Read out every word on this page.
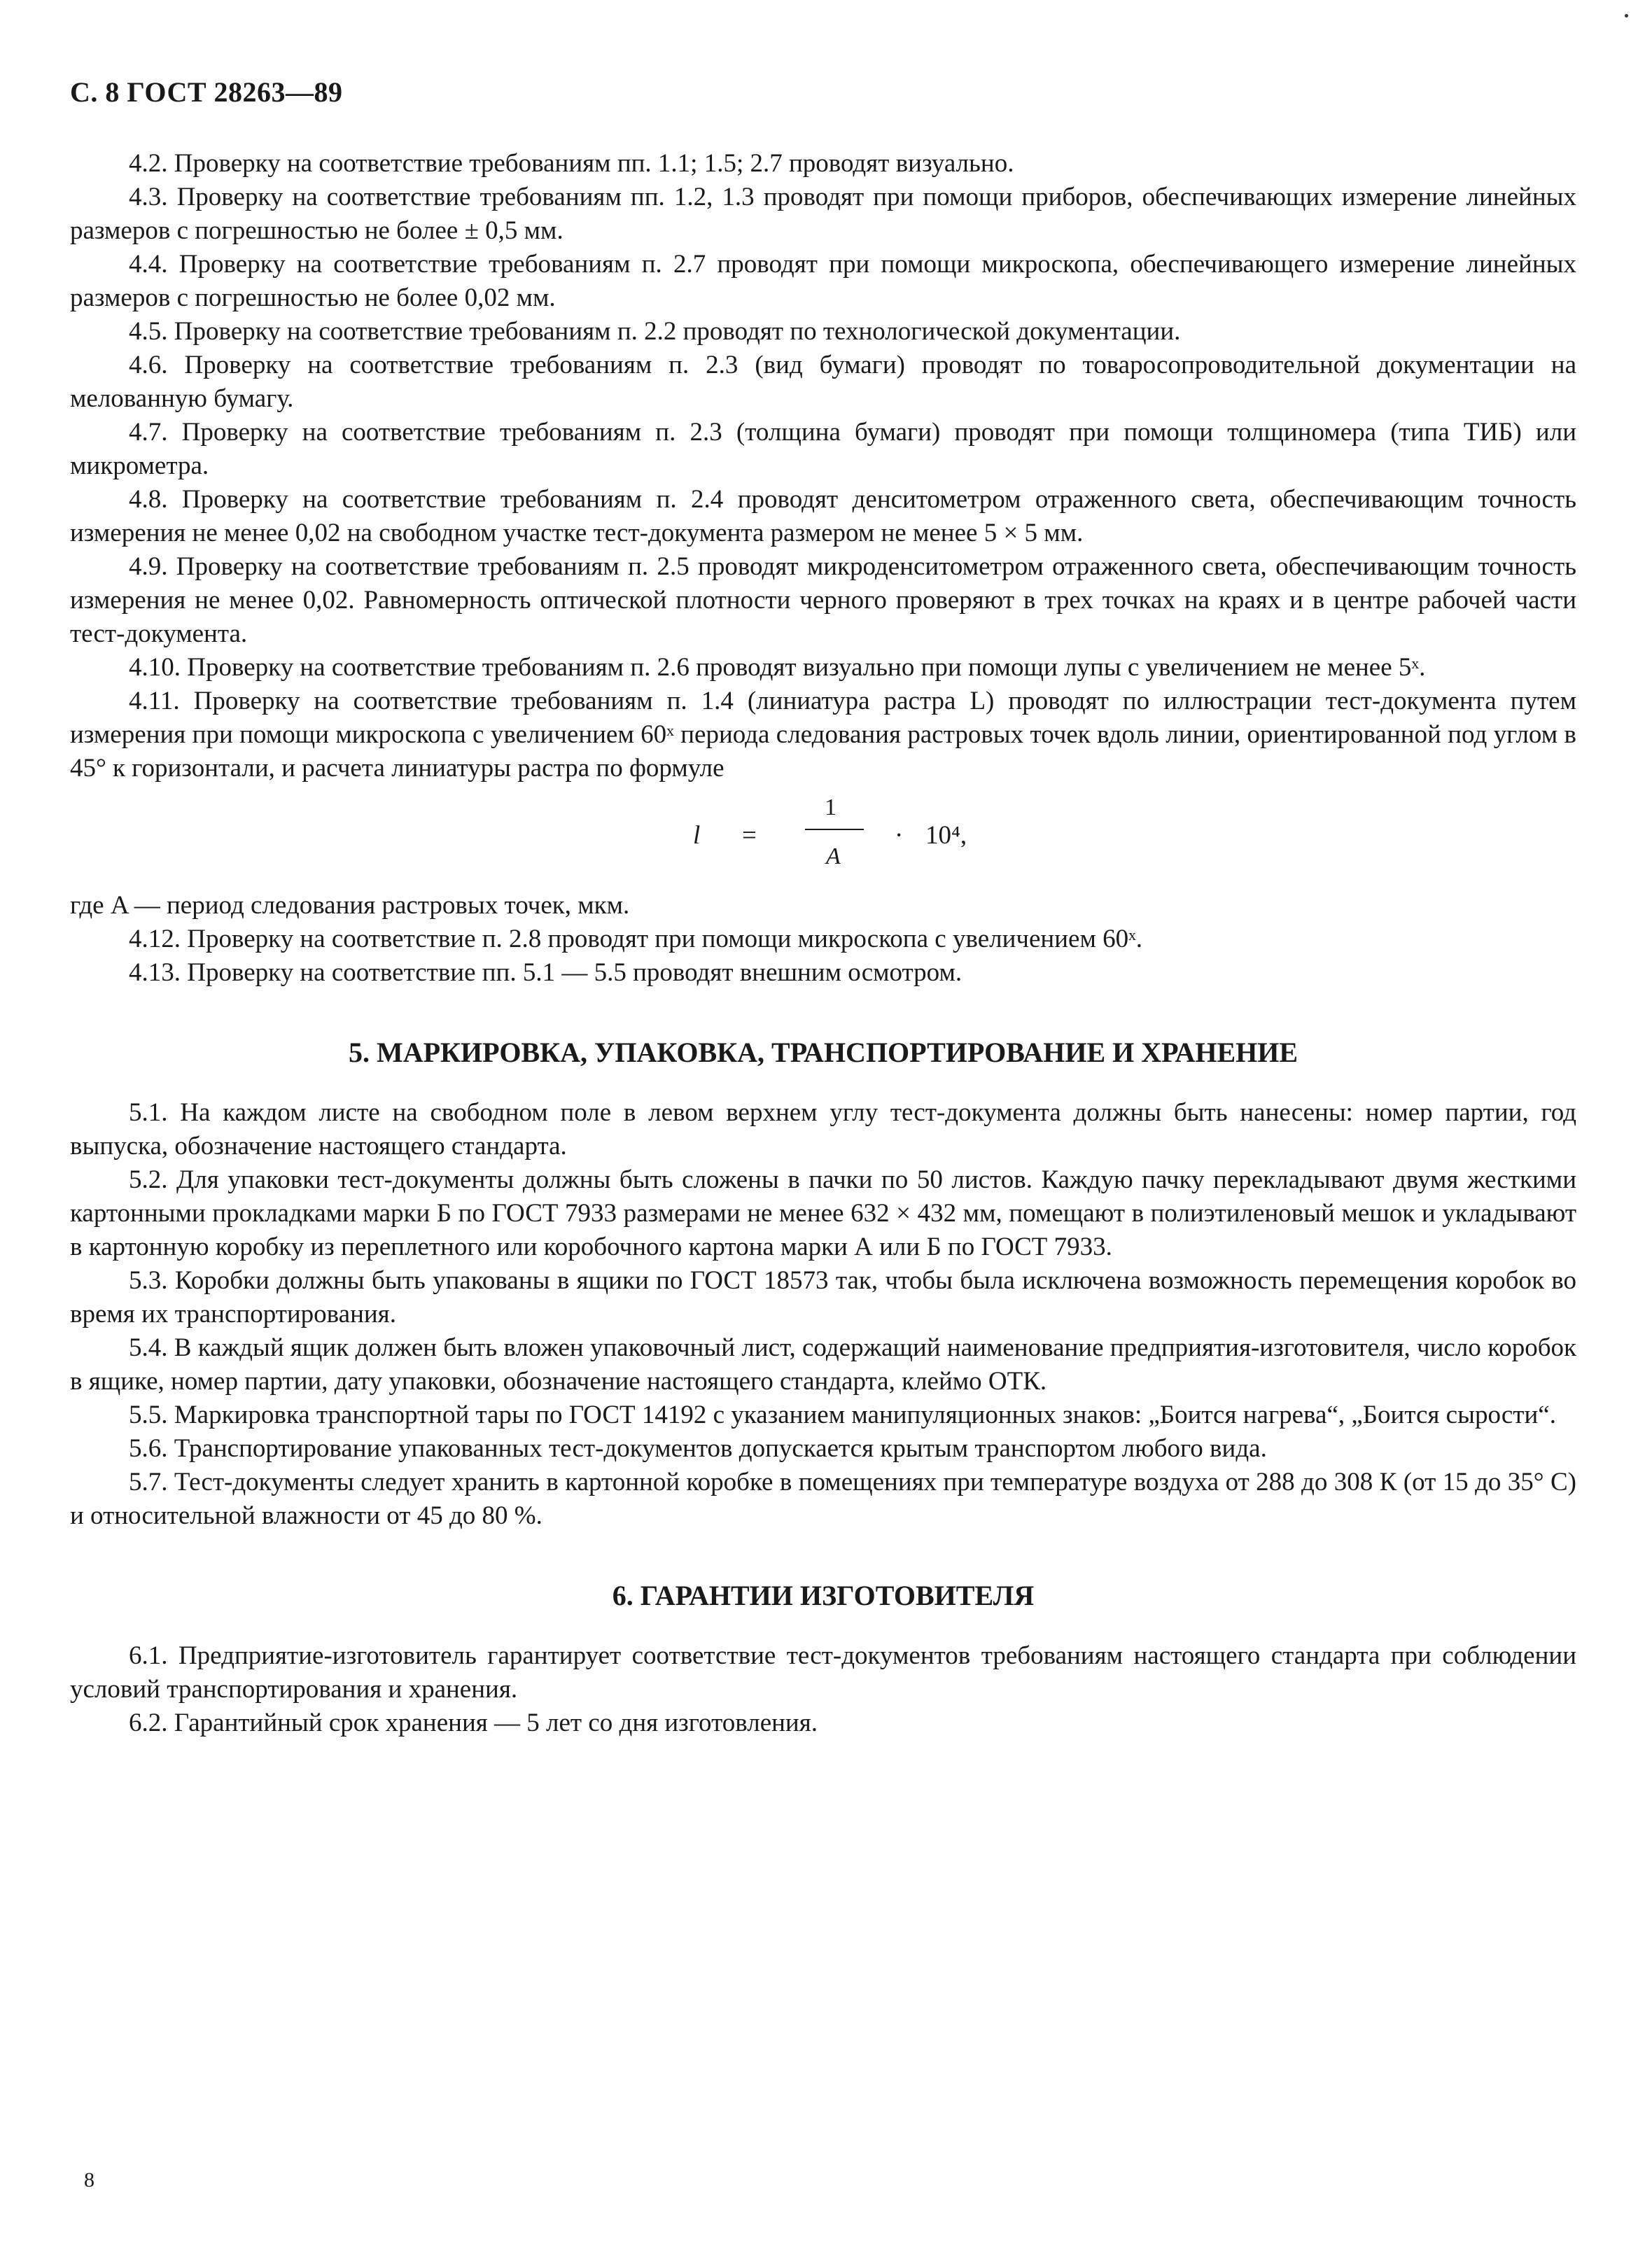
С. 8 ГОСТ 28263—89

4.2. Проверку на соответствие требованиям пп. 1.1; 1.5; 2.7 проводят визуально.

4.3. Проверку на соответствие требованиям пп. 1.2, 1.3 проводят при помощи приборов, обеспечивающих измерение линейных размеров с погрешностью не более ± 0,5 мм.

4.4. Проверку на соответствие требованиям п. 2.7 проводят при помощи микроскопа, обеспечивающего измерение линейных размеров с погрешностью не более 0,02 мм.

4.5. Проверку на соответствие требованиям п. 2.2 проводят по технологической документации.

4.6. Проверку на соответствие требованиям п. 2.3 (вид бумаги) проводят по товаросопроводительной документации на мелованную бумагу.

4.7. Проверку на соответствие требованиям п. 2.3 (толщина бумаги) проводят при помощи толщиномера (типа ТИБ) или микрометра.

4.8. Проверку на соответствие требованиям п. 2.4 проводят денситометром отраженного света, обеспечивающим точность измерения не менее 0,02 на свободном участке тест-документа размером не менее 5 × 5 мм.

4.9. Проверку на соответствие требованиям п. 2.5 проводят микроденситометром отраженного света, обеспечивающим точность измерения не менее 0,02. Равномерность оптической плотности черного проверяют в трех точках на краях и в центре рабочей части тест-документа.

4.10. Проверку на соответствие требованиям п. 2.6 проводят визуально при помощи лупы с увеличением не менее 5ˣ.

4.11. Проверку на соответствие требованиям п. 1.4 (линиатура растра L) проводят по иллюстрации тест-документа путем измерения при помощи микроскопа с увеличением 60ˣ периода следования растровых точек вдоль линии, ориентированной под углом в 45° к горизонтали, и расчета линиатуры растра по формуле

l =
1
A
· 10⁴,

где A — период следования растровых точек, мкм.

4.12. Проверку на соответствие п. 2.8 проводят при помощи микроскопа с увеличением 60ˣ.

4.13. Проверку на соответствие пп. 5.1 — 5.5 проводят внешним осмотром.

5. МАРКИРОВКА, УПАКОВКА, ТРАНСПОРТИРОВАНИЕ И ХРАНЕНИЕ

5.1. На каждом листе на свободном поле в левом верхнем углу тест-документа должны быть нанесены: номер партии, год выпуска, обозначение настоящего стандарта.

5.2. Для упаковки тест-документы должны быть сложены в пачки по 50 листов. Каждую пачку перекладывают двумя жесткими картонными прокладками марки Б по ГОСТ 7933 размерами не менее 632 × 432 мм, помещают в полиэтиленовый мешок и укладывают в картонную коробку из переплетного или коробочного картона марки А или Б по ГОСТ 7933.

5.3. Коробки должны быть упакованы в ящики по ГОСТ 18573 так, чтобы была исключена возможность перемещения коробок во время их транспортирования.

5.4. В каждый ящик должен быть вложен упаковочный лист, содержащий наименование предприятия-изготовителя, число коробок в ящике, номер партии, дату упаковки, обозначение настоящего стандарта, клеймо ОТК.

5.5. Маркировка транспортной тары по ГОСТ 14192 с указанием манипуляционных знаков: „Боится нагрева“, „Боится сырости“.

5.6. Транспортирование упакованных тест-документов допускается крытым транспортом любого вида.

5.7. Тест-документы следует хранить в картонной коробке в помещениях при температуре воздуха от 288 до 308 К (от 15 до 35° С) и относительной влажности от 45 до 80 %.

6. ГАРАНТИИ ИЗГОТОВИТЕЛЯ

6.1. Предприятие-изготовитель гарантирует соответствие тест-документов требованиям настоящего стандарта при соблюдении условий транспортирования и хранения.

6.2. Гарантийный срок хранения — 5 лет со дня изготовления.

8
